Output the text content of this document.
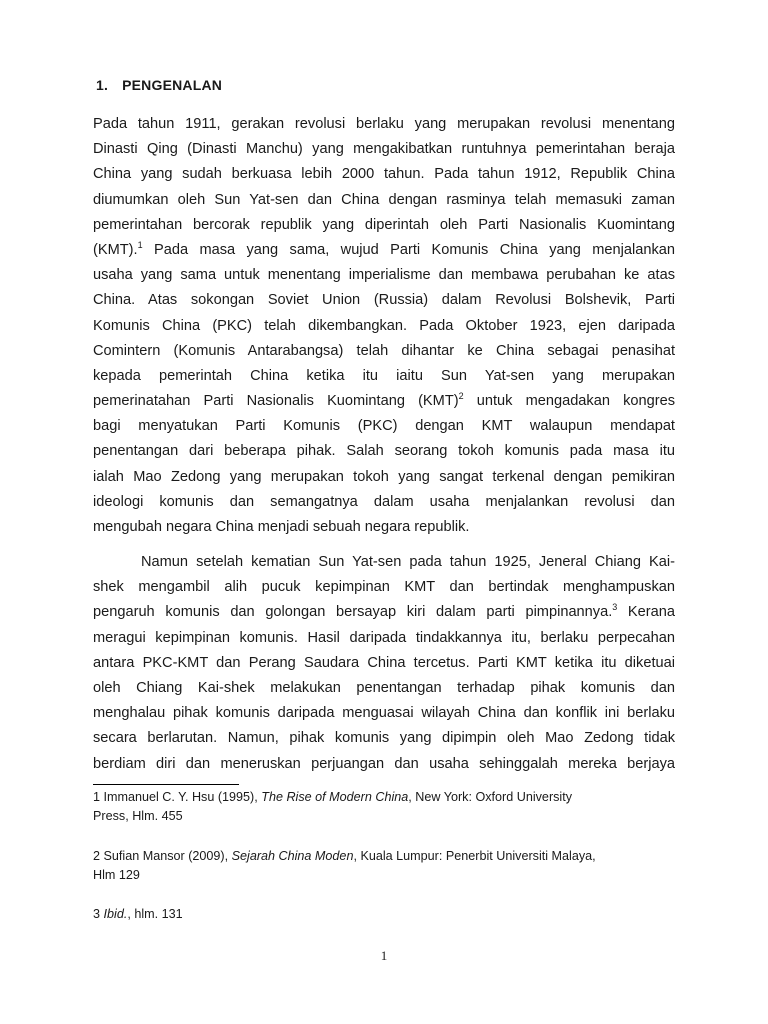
1. PENGENALAN
Pada tahun 1911, gerakan revolusi berlaku yang merupakan revolusi menentang
Dinasti Qing (Dinasti Manchu) yang mengakibatkan runtuhnya pemerintahan beraja
China yang sudah berkuasa lebih 2000 tahun. Pada tahun 1912, Republik China
diumumkan oleh Sun Yat-sen dan China dengan rasminya telah memasuki zaman
pemerintahan bercorak republik yang diperintah oleh Parti Nasionalis Kuomintang
(KMT).$^1$ Pada masa yang sama, wujud Parti Komunis China yang menjalankan
usaha yang sama untuk menentang imperialisme dan membawa perubahan ke atas
China. Atas sokongan Soviet Union (Russia) dalam Revolusi Bolshevik, Parti
Komunis China (PKC) telah dikembangkan. Pada Oktober 1923, ejen daripada
Comintern (Komunis Antarabangsa) telah dihantar ke China sebagai penasihat
kepada pemerintah China ketika itu iaitu Sun Yat-sen yang merupakan
pemerinatahan Parti Nasionalis Kuomintang (KMT)$^2$ untuk mengadakan kongres
bagi menyatukan Parti Komunis (PKC) dengan KMT walaupun mendapat
penentangan dari beberapa pihak. Salah seorang tokoh komunis pada masa itu
ialah Mao Zedong yang merupakan tokoh yang sangat terkenal dengan pemikiran
ideologi komunis dan semangatnya dalam usaha menjalankan revolusi dan
mengubah negara China menjadi sebuah negara republik.
Namun setelah kematian Sun Yat-sen pada tahun 1925, Jeneral Chiang Kai-
shek mengambil alih pucuk kepimpinan KMT dan bertindak menghampuskan
pengaruh komunis dan golongan bersayap kiri dalam parti pimpinannya.$^3$ Kerana
meragui kepimpinan komunis. Hasil daripada tindakkannya itu, berlaku perpecahan
antara PKC-KMT dan Perang Saudara China tercetus. Parti KMT ketika itu diketuai
oleh Chiang Kai-shek melakukan penentangan terhadap pihak komunis dan
menghalau pihak komunis daripada menguasai wilayah China dan konflik ini berlaku
secara berlarutan. Namun, pihak komunis yang dipimpin oleh Mao Zedong tidak
berdiam diri dan meneruskan perjuangan dan usaha sehinggalah mereka berjaya
1 Immanuel C. Y. Hsu (1995), The Rise of Modern China, New York: Oxford University
Press, Hlm. 455
2 Sufian Mansor (2009), Sejarah China Moden, Kuala Lumpur: Penerbit Universiti Malaya,
Hlm 129
3 Ibid., hlm. 131
1
